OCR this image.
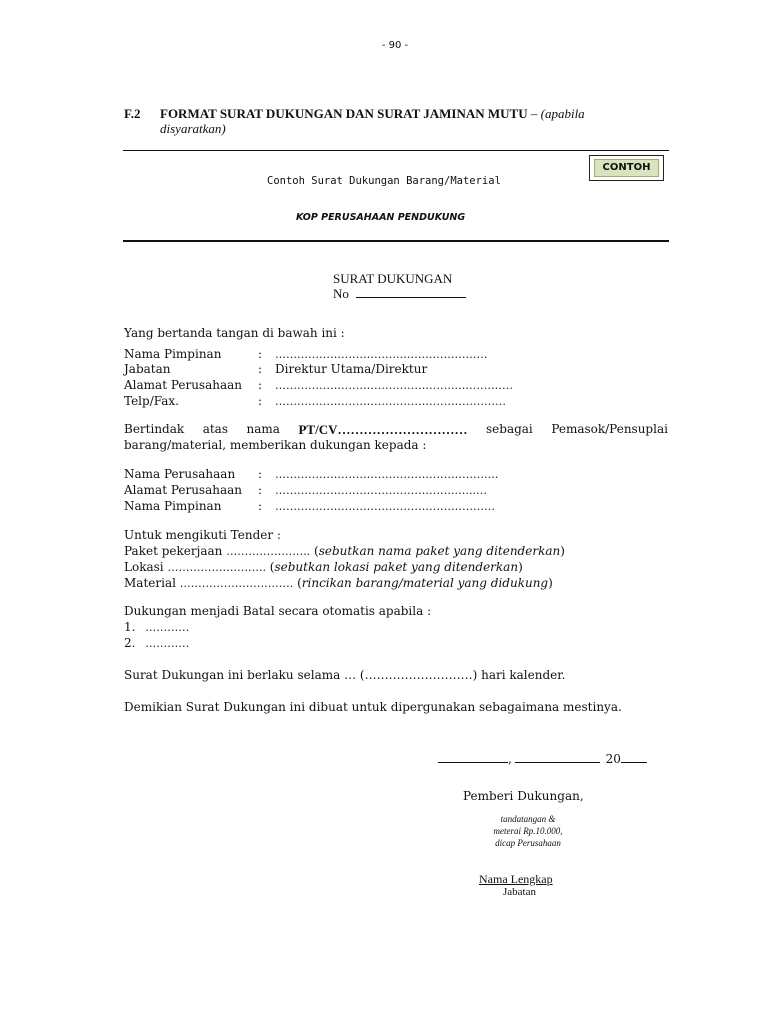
- 90 -
F.2 FORMAT SURAT DUKUNGAN DAN SURAT JAMINAN MUTU – (apabila
disyaratkan)
CONTOH
Contoh Surat Dukungan Barang/Material
KOP PERUSAHAAN PENDUKUNG
SURAT DUKUNGAN
No
Yang bertanda tangan di bawah ini :
Nama Pimpinan	: …………………………….……………………
Jabatan	: Direktur Utama/Direktur
Alamat Perusahaan : …………………………………………..……………
Telp/Fax.	: ………………………………………………………
Bertindak atas nama PT/CV………………………… sebagai Pemasok/Pensuplai
barang/material, memberikan dukungan kepada :
Nama Perusahaan : ………………………………………………….…
Alamat Perusahaan : …………………………………………..…..…
Nama Pimpinan	: ……………………………………………………
Untuk mengikuti Tender :
Paket pekerjaan ………………….. (sebutkan nama paket yang ditenderkan)
Lokasi ……………….…….. (sebutkan lokasi paket yang ditenderkan)
Material …………………………. (rincikan barang/material yang didukung)
Dukungan menjadi Batal secara otomatis apabila :
1. …………
2. …………
Surat Dukungan ini berlaku selama … (………………………) hari kalender.
Demikian Surat Dukungan ini dibuat untuk dipergunakan sebagaimana mestinya.
,	20
Pemberi Dukungan,
tandatangan &
meterai Rp.10.000,
dicap Perusahaan
Nama Lengkap
Jabatan
